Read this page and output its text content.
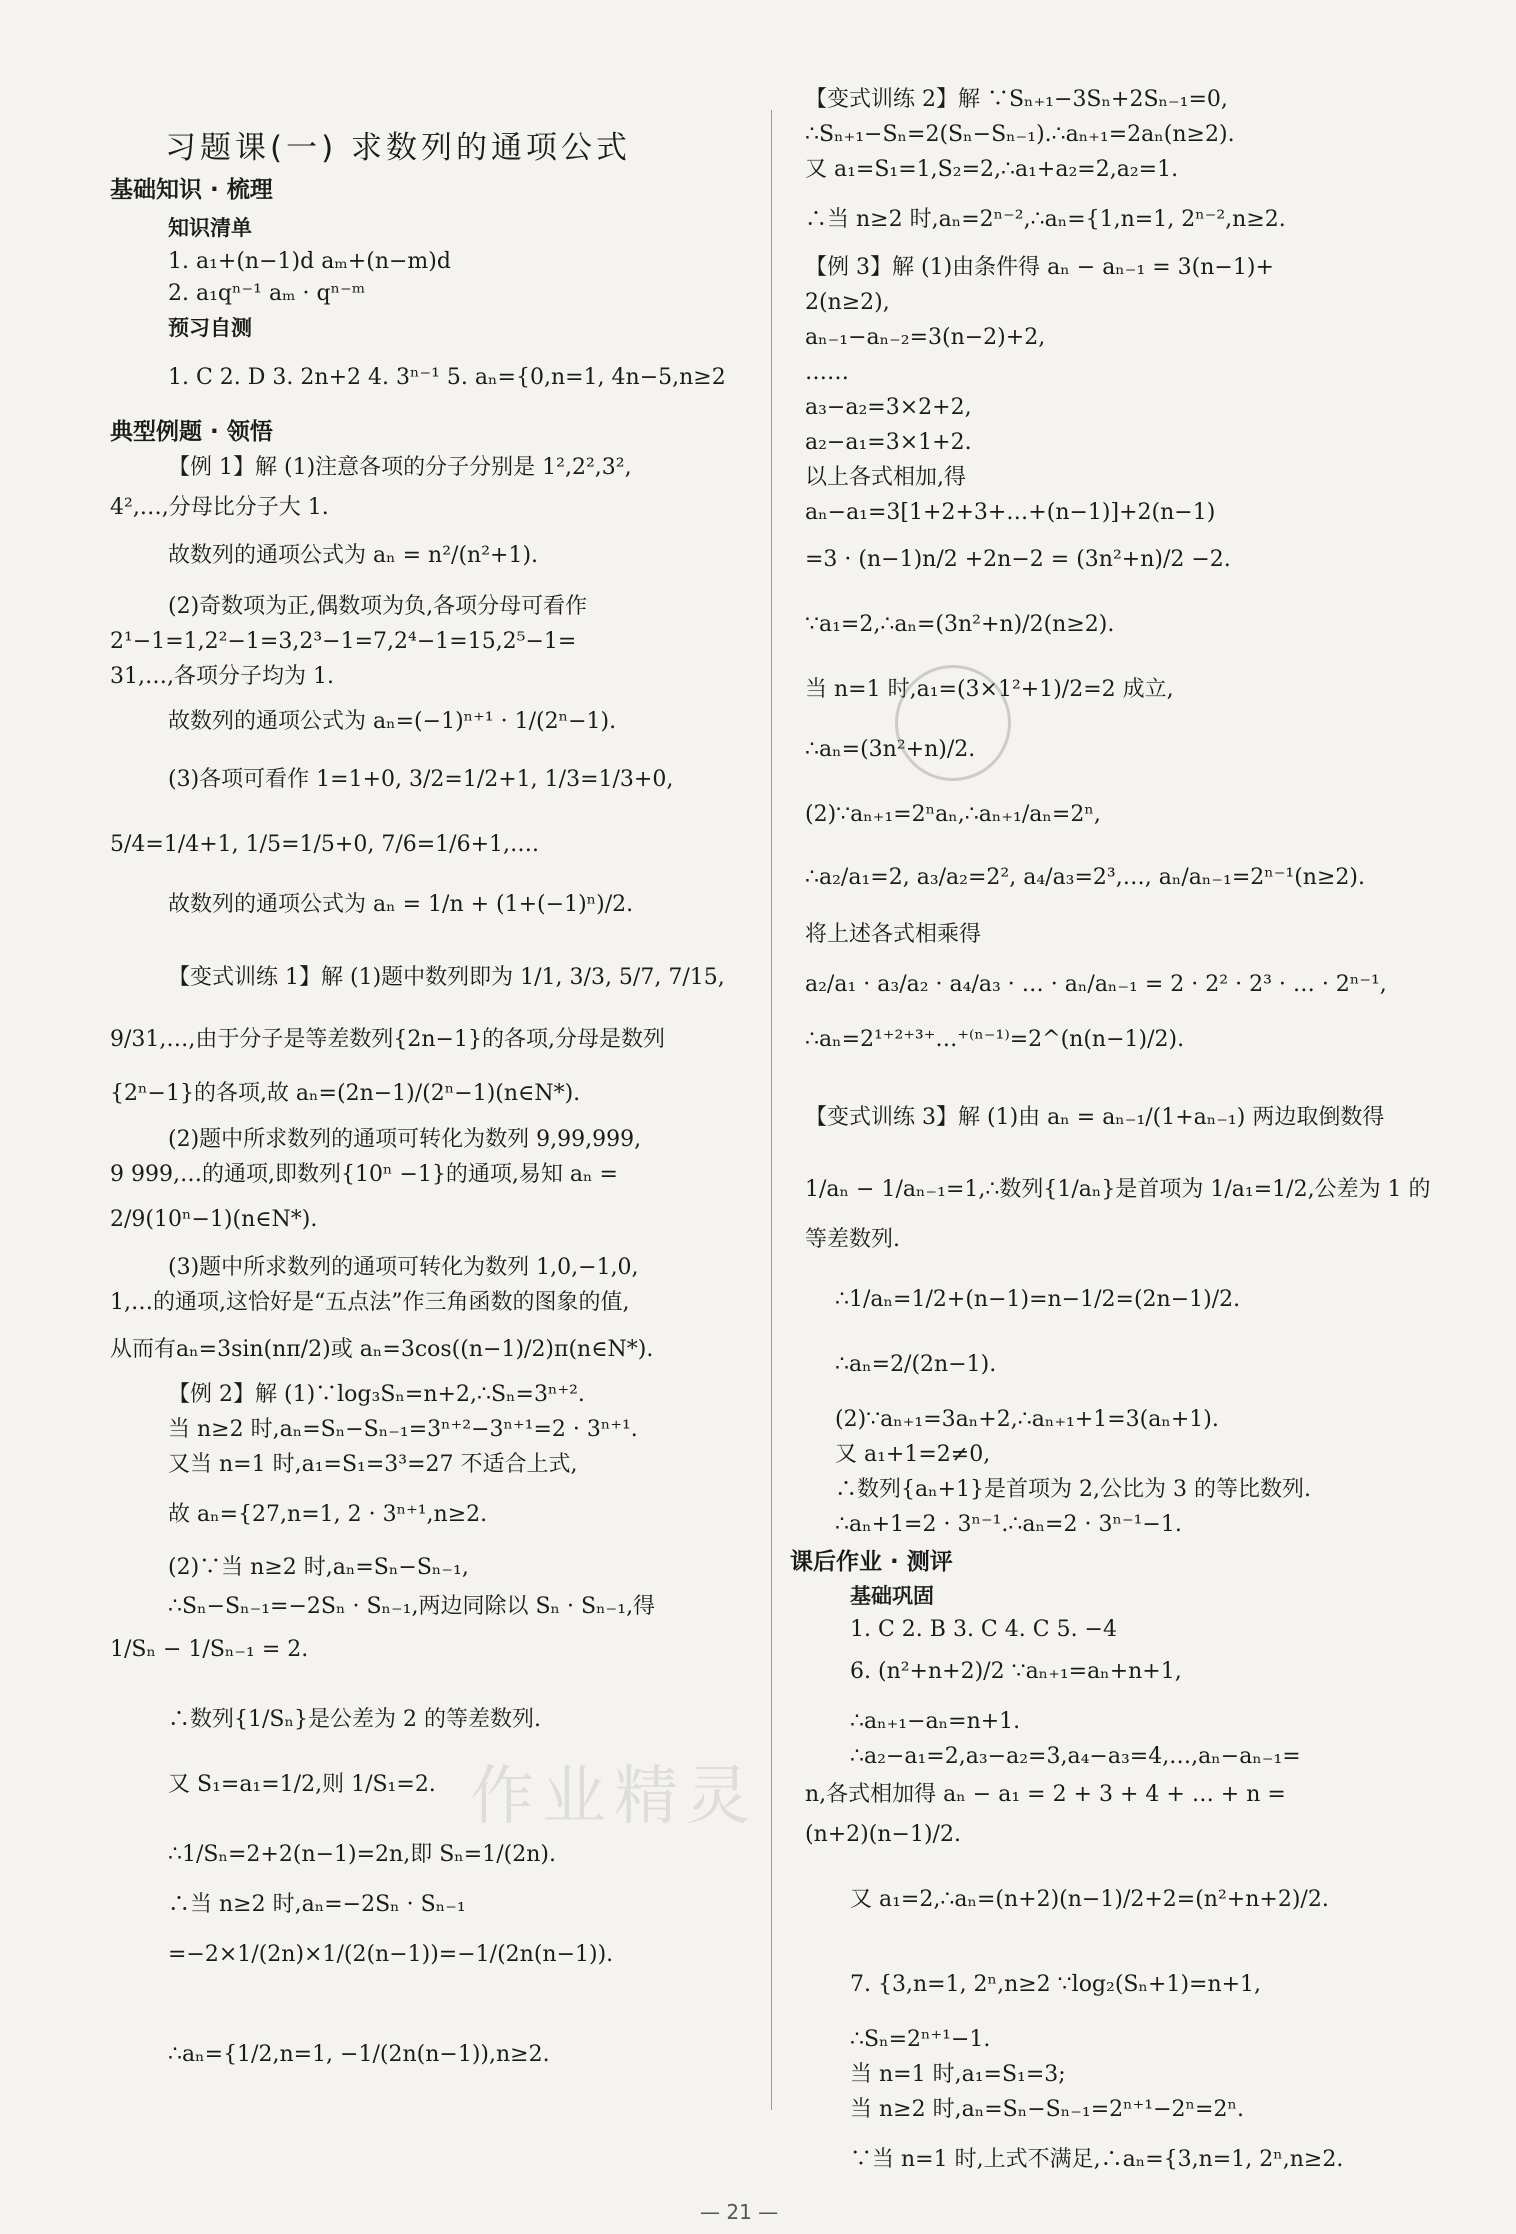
习题课(一) 求数列的通项公式
基础知识 · 梳理
知识清单
1. a₁+(n−1)d aₘ+(n−m)d
2. a₁qⁿ⁻¹ aₘ · qⁿ⁻ᵐ
预习自测
1. C 2. D 3. 2n+2 4. 3ⁿ⁻¹ 5. aₙ={0,n=1, 4n−5,n≥2
典型例题 · 领悟
【例 1】解 (1)注意各项的分子分别是 1²,2²,3²,
4²,…,分母比分子大 1.
故数列的通项公式为 aₙ = n²/(n²+1).
(2)奇数项为正,偶数项为负,各项分母可看作
2¹−1=1,2²−1=3,2³−1=7,2⁴−1=15,2⁵−1=
31,…,各项分子均为 1.
故数列的通项公式为 aₙ=(−1)ⁿ⁺¹ · 1/(2ⁿ−1).
(3)各项可看作 1=1+0, 3/2=1/2+1, 1/3=1/3+0,
5/4=1/4+1, 1/5=1/5+0, 7/6=1/6+1,….
故数列的通项公式为 aₙ = 1/n + (1+(−1)ⁿ)/2.
【变式训练 1】解 (1)题中数列即为 1/1, 3/3, 5/7, 7/15,
9/31,…,由于分子是等差数列{2n−1}的各项,分母是数列
{2ⁿ−1}的各项,故 aₙ=(2n−1)/(2ⁿ−1)(n∈N*).
(2)题中所求数列的通项可转化为数列 9,99,999,
9 999,…的通项,即数列{10ⁿ −1}的通项,易知 aₙ =
2/9(10ⁿ−1)(n∈N*).
(3)题中所求数列的通项可转化为数列 1,0,−1,0,
1,…的通项,这恰好是“五点法”作三角函数的图象的值,
从而有aₙ=3sin(nπ/2)或 aₙ=3cos((n−1)/2)π(n∈N*).
【例 2】解 (1)∵log₃Sₙ=n+2,∴Sₙ=3ⁿ⁺².
当 n≥2 时,aₙ=Sₙ−Sₙ₋₁=3ⁿ⁺²−3ⁿ⁺¹=2 · 3ⁿ⁺¹.
又当 n=1 时,a₁=S₁=3³=27 不适合上式,
故 aₙ={27,n=1, 2 · 3ⁿ⁺¹,n≥2.
(2)∵当 n≥2 时,aₙ=Sₙ−Sₙ₋₁,
∴Sₙ−Sₙ₋₁=−2Sₙ · Sₙ₋₁,两边同除以 Sₙ · Sₙ₋₁,得
1/Sₙ − 1/Sₙ₋₁ = 2.
∴数列{1/Sₙ}是公差为 2 的等差数列.
又 S₁=a₁=1/2,则 1/S₁=2.
∴1/Sₙ=2+2(n−1)=2n,即 Sₙ=1/(2n).
∴当 n≥2 时,aₙ=−2Sₙ · Sₙ₋₁
=−2×1/(2n)×1/(2(n−1))=−1/(2n(n−1)).
∴aₙ={1/2,n=1, −1/(2n(n−1)),n≥2.
【变式训练 2】解 ∵Sₙ₊₁−3Sₙ+2Sₙ₋₁=0,
∴Sₙ₊₁−Sₙ=2(Sₙ−Sₙ₋₁).∴aₙ₊₁=2aₙ(n≥2).
又 a₁=S₁=1,S₂=2,∴a₁+a₂=2,a₂=1.
∴当 n≥2 时,aₙ=2ⁿ⁻²,∴aₙ={1,n=1, 2ⁿ⁻²,n≥2.
【例 3】解 (1)由条件得 aₙ − aₙ₋₁ = 3(n−1)+
2(n≥2),
aₙ₋₁−aₙ₋₂=3(n−2)+2,
……
a₃−a₂=3×2+2,
a₂−a₁=3×1+2.
以上各式相加,得
aₙ−a₁=3[1+2+3+…+(n−1)]+2(n−1)
=3 · (n−1)n/2 +2n−2 = (3n²+n)/2 −2.
∵a₁=2,∴aₙ=(3n²+n)/2(n≥2).
当 n=1 时,a₁=(3×1²+1)/2=2 成立,
∴aₙ=(3n²+n)/2.
(2)∵aₙ₊₁=2ⁿaₙ,∴aₙ₊₁/aₙ=2ⁿ,
∴a₂/a₁=2, a₃/a₂=2², a₄/a₃=2³,…, aₙ/aₙ₋₁=2ⁿ⁻¹(n≥2).
将上述各式相乘得
a₂/a₁ · a₃/a₂ · a₄/a₃ · … · aₙ/aₙ₋₁ = 2 · 2² · 2³ · … · 2ⁿ⁻¹,
∴aₙ=2¹⁺²⁺³⁺…⁺⁽ⁿ⁻¹⁾=2^(n(n−1)/2).
【变式训练 3】解 (1)由 aₙ = aₙ₋₁/(1+aₙ₋₁) 两边取倒数得
1/aₙ − 1/aₙ₋₁=1,∴数列{1/aₙ}是首项为 1/a₁=1/2,公差为 1 的
等差数列.
∴1/aₙ=1/2+(n−1)=n−1/2=(2n−1)/2.
∴aₙ=2/(2n−1).
(2)∵aₙ₊₁=3aₙ+2,∴aₙ₊₁+1=3(aₙ+1).
又 a₁+1=2≠0,
∴数列{aₙ+1}是首项为 2,公比为 3 的等比数列.
∴aₙ+1=2 · 3ⁿ⁻¹.∴aₙ=2 · 3ⁿ⁻¹−1.
课后作业 · 测评
基础巩固
1. C 2. B 3. C 4. C 5. −4
6. (n²+n+2)/2 ∵aₙ₊₁=aₙ+n+1,
∴aₙ₊₁−aₙ=n+1.
∴a₂−a₁=2,a₃−a₂=3,a₄−a₃=4,…,aₙ−aₙ₋₁=
n,各式相加得 aₙ − a₁ = 2 + 3 + 4 + … + n =
(n+2)(n−1)/2.
又 a₁=2,∴aₙ=(n+2)(n−1)/2+2=(n²+n+2)/2.
7. {3,n=1, 2ⁿ,n≥2 ∵log₂(Sₙ+1)=n+1,
∴Sₙ=2ⁿ⁺¹−1.
当 n=1 时,a₁=S₁=3;
当 n≥2 时,aₙ=Sₙ−Sₙ₋₁=2ⁿ⁺¹−2ⁿ=2ⁿ.
∵当 n=1 时,上式不满足,∴aₙ={3,n=1, 2ⁿ,n≥2.
作业精灵
— 21 —
